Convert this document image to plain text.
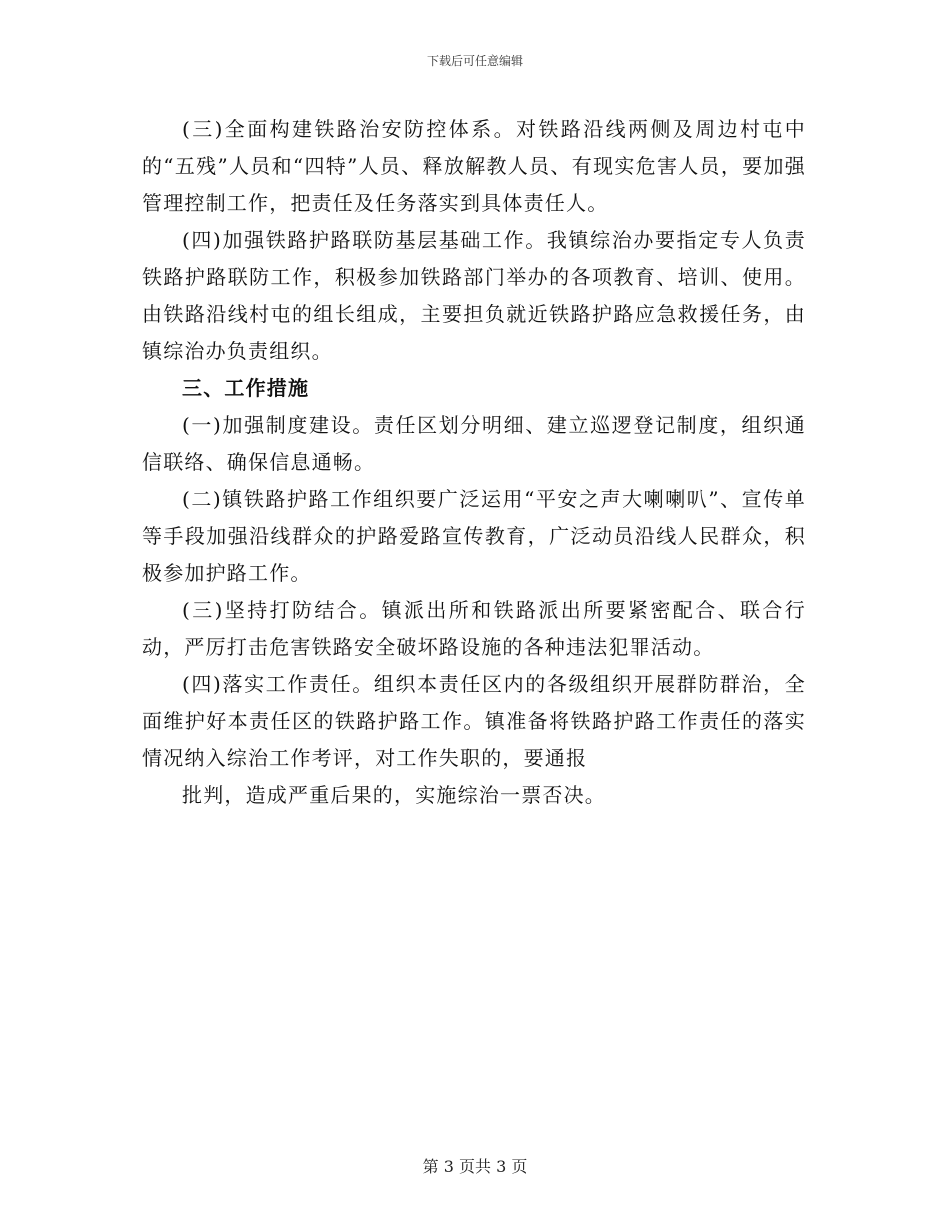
下载后可任意编辑

(三)全面构建铁路治安防控体系。对铁路沿线两侧及周边村屯中的“五残”人员和“四特”人员、释放解教人员、有现实危害人员，要加强管理控制工作，把责任及任务落实到具体责任人。

(四)加强铁路护路联防基层基础工作。我镇综治办要指定专人负责铁路护路联防工作，积极参加铁路部门举办的各项教育、培训、使用。由铁路沿线村屯的组长组成，主要担负就近铁路护路应急救援任务，由镇综治办负责组织。

三、工作措施

(一)加强制度建设。责任区划分明细、建立巡逻登记制度，组织通信联络、确保信息通畅。

(二)镇铁路护路工作组织要广泛运用“平安之声大喇喇叭”、宣传单等手段加强沿线群众的护路爱路宣传教育，广泛动员沿线人民群众，积极参加护路工作。

(三)坚持打防结合。镇派出所和铁路派出所要紧密配合、联合行动，严厉打击危害铁路安全破坏路设施的各种违法犯罪活动。

(四)落实工作责任。组织本责任区内的各级组织开展群防群治，全面维护好本责任区的铁路护路工作。镇准备将铁路护路工作责任的落实情况纳入综治工作考评，对工作失职的，要通报

批判，造成严重后果的，实施综治一票否决。

第 3 页共 3 页
